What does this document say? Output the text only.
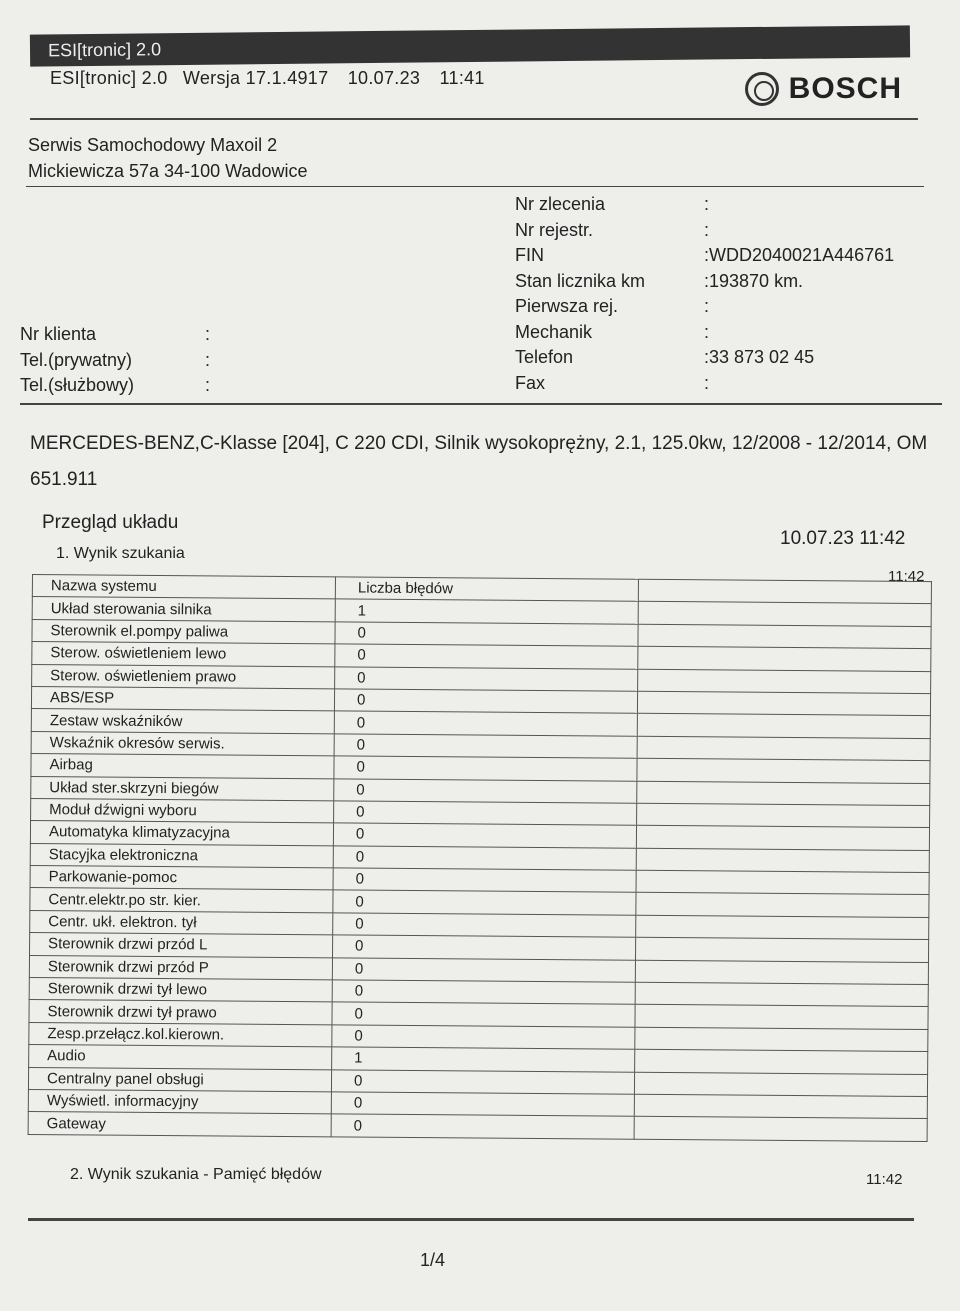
ESI[tronic] 2.0
ESI[tronic] 2.0 Wersja 17.1.4917 10.07.23 11:41	BOSCH
Serwis Samochodowy Maxoil 2
Mickiewicza 57a 34-100 Wadowice
Nr zlecenia	:
Nr rejestr.	:
FIN	:WDD2040021A446761
Stan licznika km	:193870 km.
Pierwsza rej.	:
Mechanik	:
Telefon	:33 873 02 45
Fax	:
Nr klienta	:
Tel.(prywatny)	:
Tel.(służbowy)	:
MERCEDES-BENZ,C-Klasse [204], C 220 CDI, Silnik wysokoprężny, 2.1, 125.0kw, 12/2008 - 12/2014, OM 651.911
Przegląd układu
10.07.23 11:42
1. Wynik szukania
11:42
Nazwa systemu	Liczba błędów	
Układ sterowania silnika	1	
Sterownik el.pompy paliwa	0	
Sterow. oświetleniem lewo	0	
Sterow. oświetleniem prawo	0	
ABS/ESP	0	
Zestaw wskaźników	0	
Wskaźnik okresów serwis.	0	
Airbag	0	
Układ ster.skrzyni biegów	0	
Moduł dźwigni wyboru	0	
Automatyka klimatyzacyjna	0	
Stacyjka elektroniczna	0	
Parkowanie-pomoc	0	
Centr.elektr.po str. kier.	0	
Centr. ukł. elektron. tył	0	
Sterownik drzwi przód L	0	
Sterownik drzwi przód P	0	
Sterownik drzwi tył lewo	0	
Sterownik drzwi tył prawo	0	
Zesp.przełącz.kol.kierown.	0	
Audio	1	
Centralny panel obsługi	0	
Wyświetl. informacyjny	0	
Gateway	0	
2. Wynik szukania - Pamięć błędów	11:42
1/4
